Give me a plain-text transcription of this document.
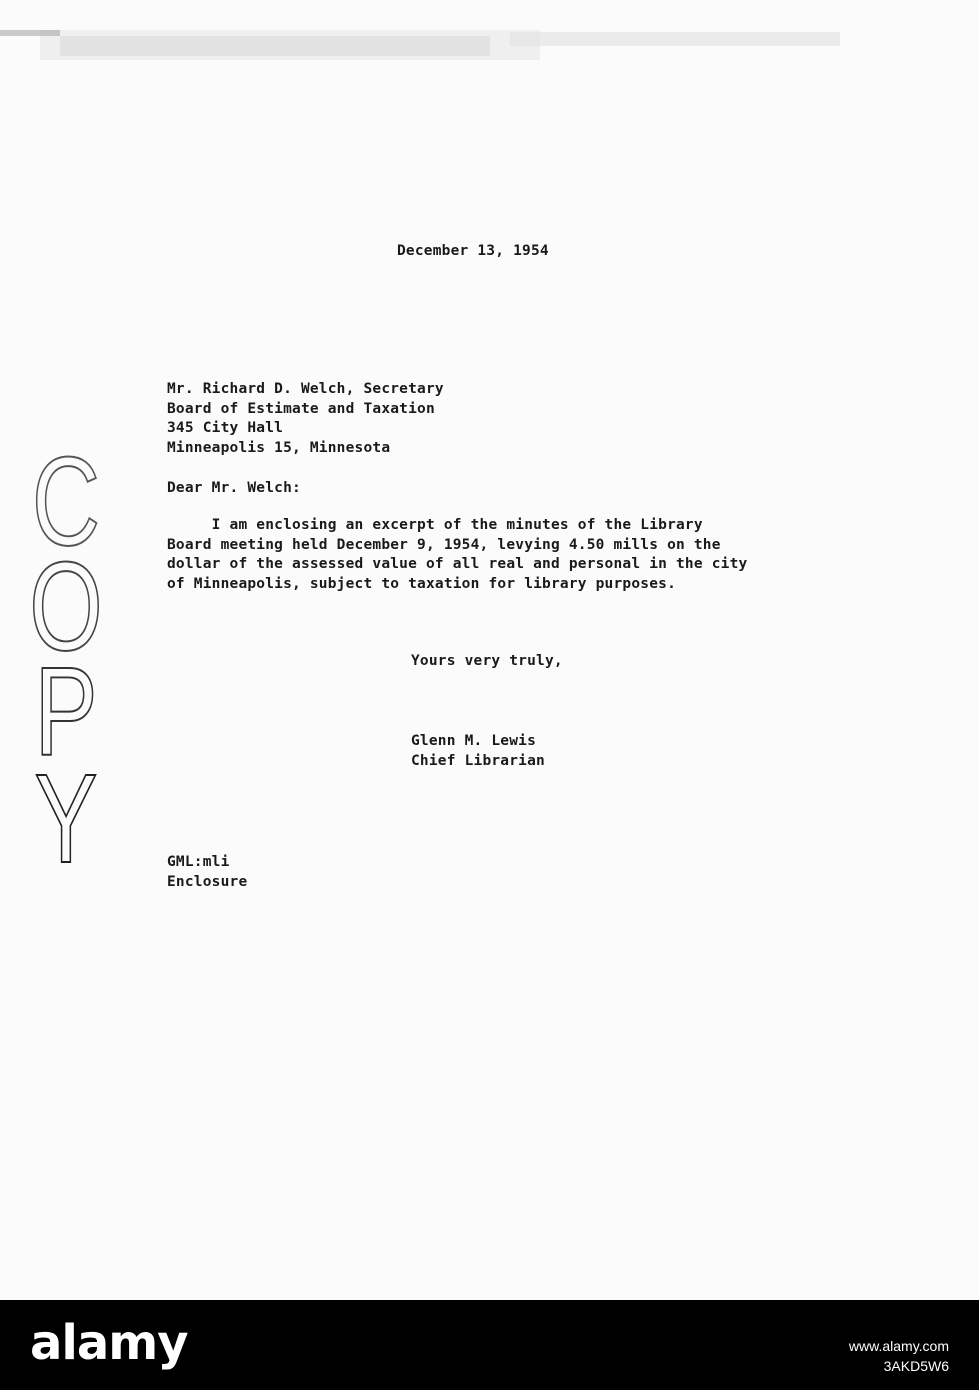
December 13, 1954
Mr. Richard D. Welch, Secretary
Board of Estimate and Taxation
345 City Hall
Minneapolis 15, Minnesota
Dear Mr. Welch:
I am enclosing an excerpt of the minutes of the Library
Board meeting held December 9, 1954, levying 4.50 mills on the
dollar of the assessed value of all real and personal in the city
of Minneapolis, subject to taxation for library purposes.
Yours very truly,
Glenn M. Lewis
Chief Librarian
GML:mli
Enclosure
C
O
P
Y
alamy	www.alamy.com
3AKD5W6
